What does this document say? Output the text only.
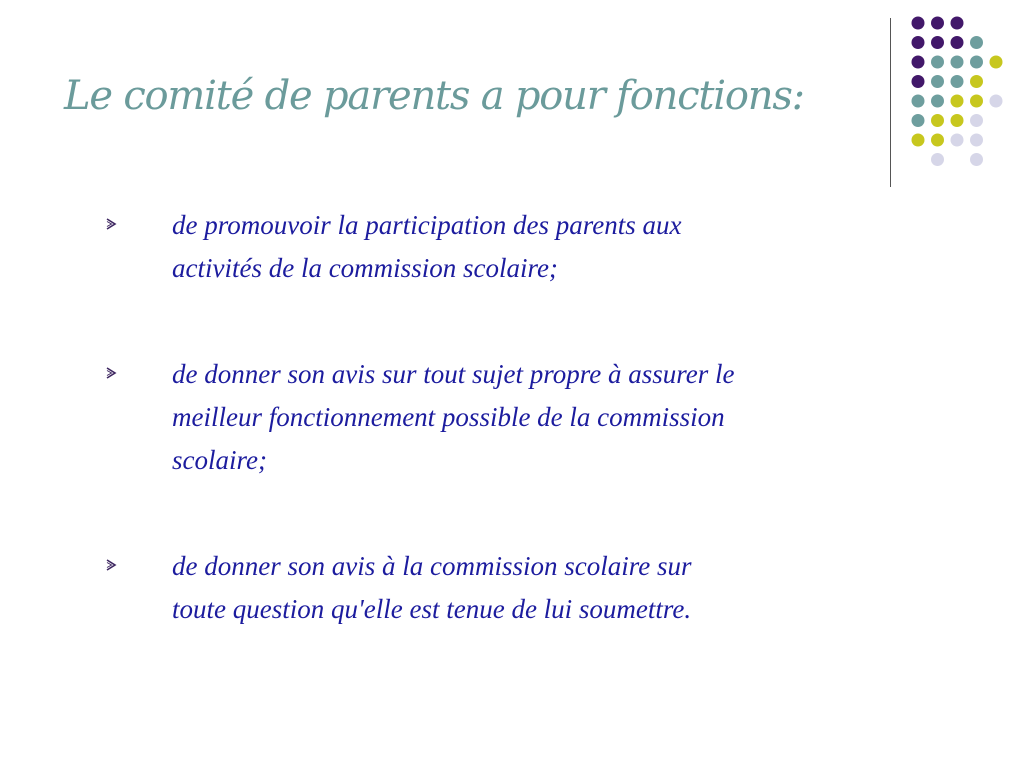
Le comité de parents a pour fonctions:
de promouvoir la participation des parents aux
activités de la commission scolaire;
de donner son avis sur tout sujet propre à assurer le
meilleur fonctionnement possible de la commission
scolaire;
de donner son avis à la commission scolaire sur
toute question qu'elle est tenue de lui soumettre.
